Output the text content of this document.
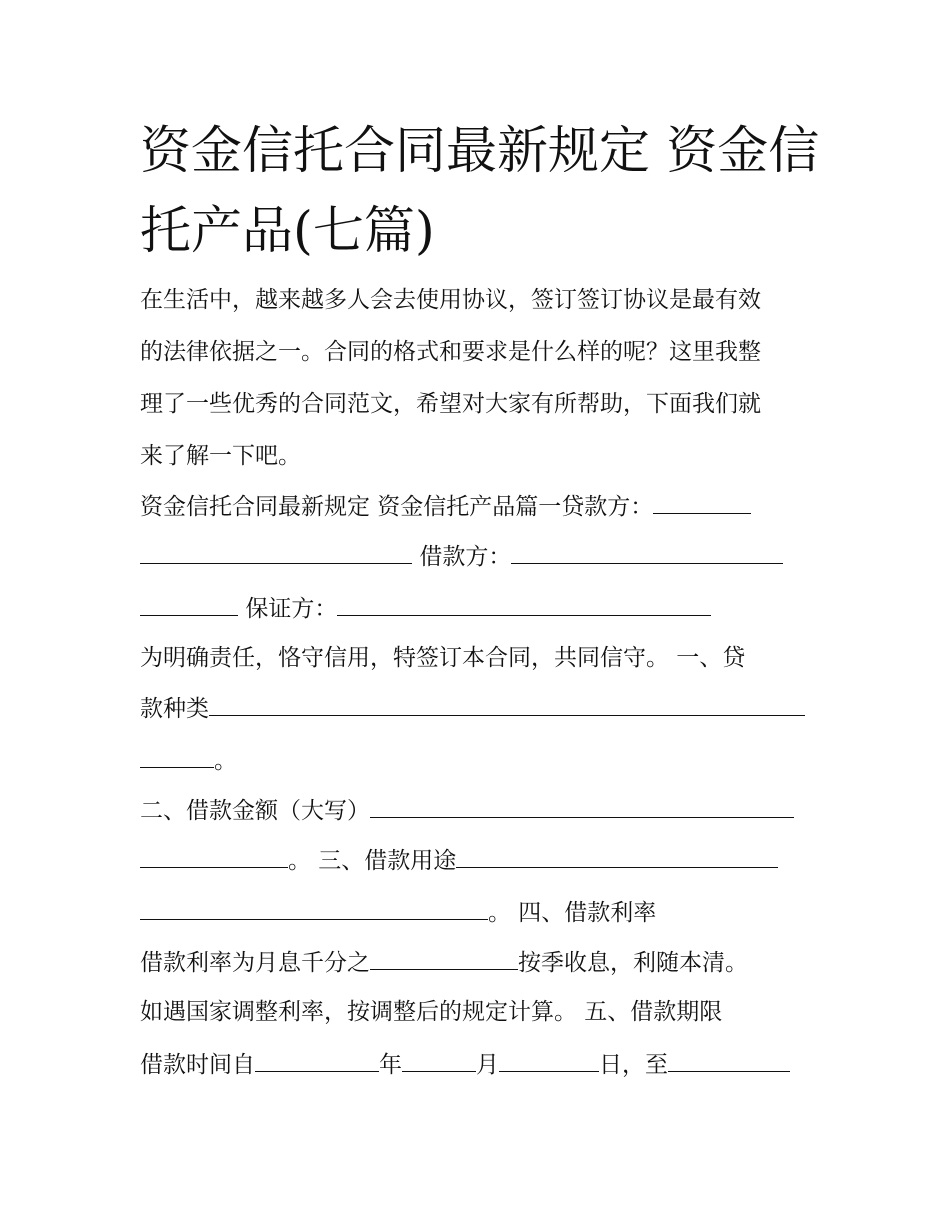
资金信托合同最新规定 资金信
托产品(七篇)

在生活中，越来越多人会去使用协议，签订签订协议是最有效

的法律依据之一。合同的格式和要求是什么样的呢？这里我整

理了一些优秀的合同范文，希望对大家有所帮助，下面我们就

来了解一下吧。

资金信托合同最新规定 资金信托产品篇一贷款方：

借款方：

保证方：

为明确责任，恪守信用，特签订本合同，共同信守。 一、贷

款种类

。

二、借款金额（大写）

。 三、借款用途

。 四、借款利率

借款利率为月息千分之	按季收息，利随本清。

如遇国家调整利率，按调整后的规定计算。 五、借款期限

借款时间自	年	月	日，至
